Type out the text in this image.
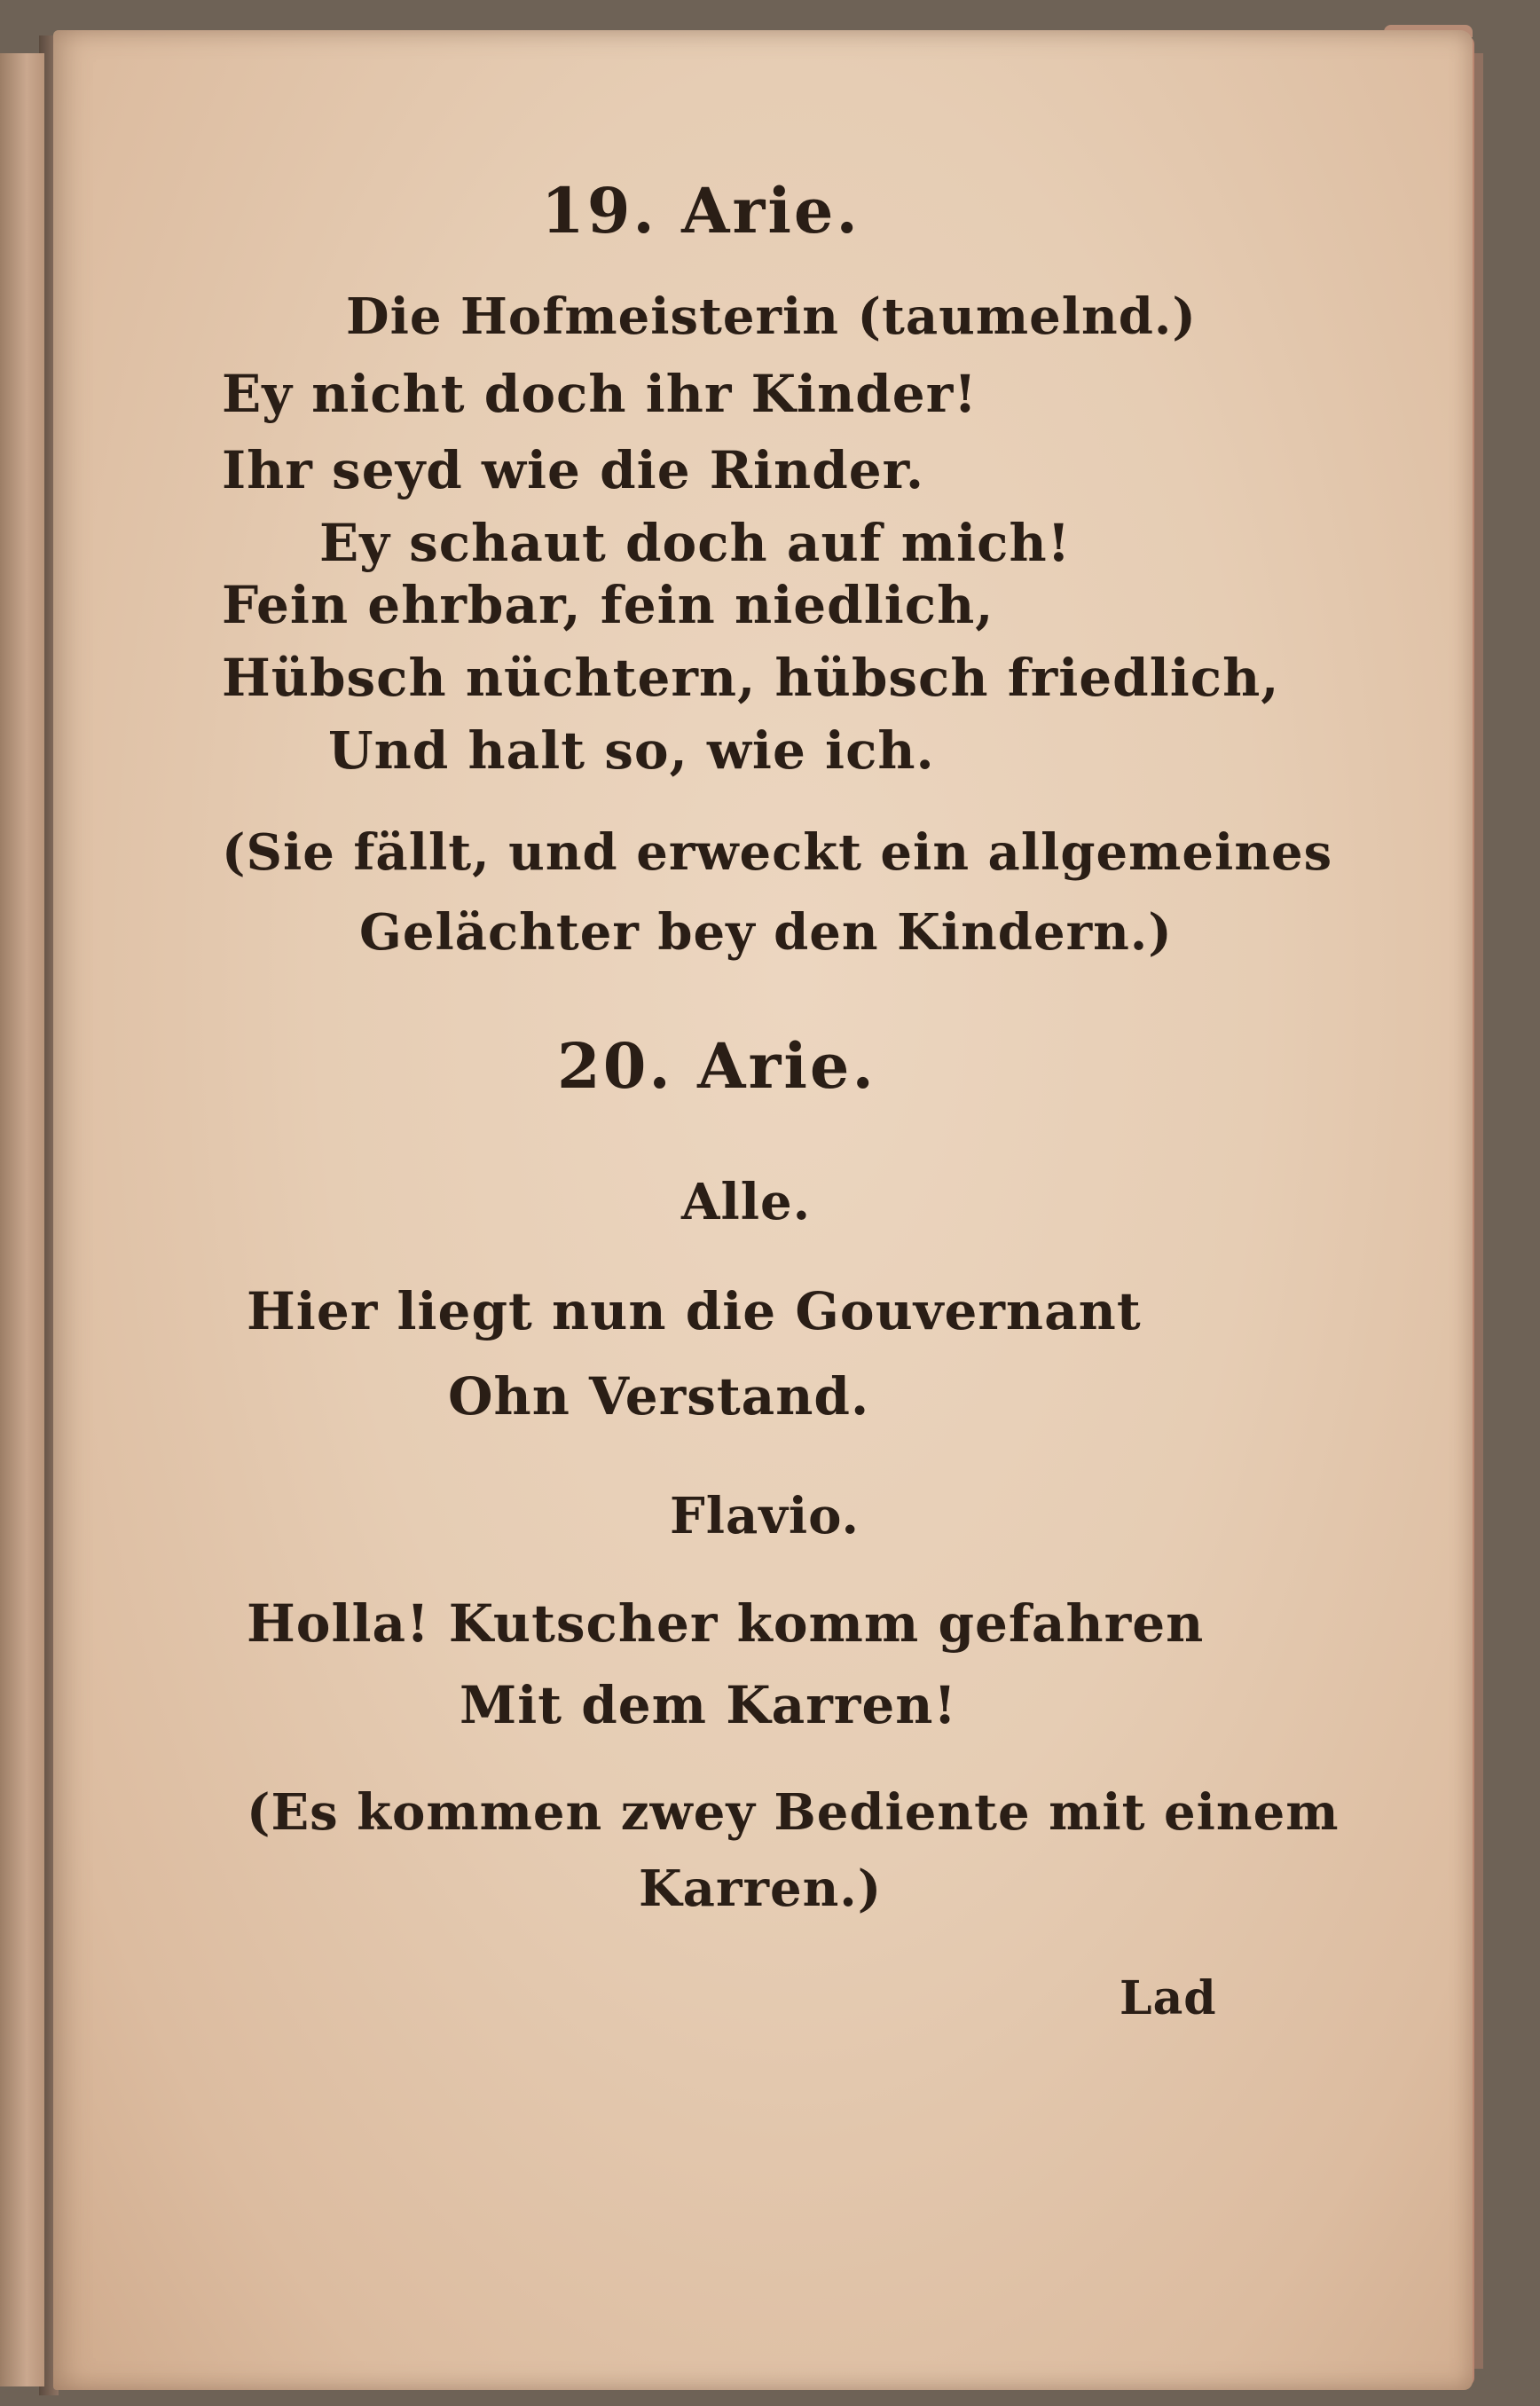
19. Arie.
Die Hofmeisterin (taumelnd.)
Ey nicht doch ihr Kinder!
Ihr seyd wie die Rinder.
Ey schaut doch auf mich!
Fein ehrbar, fein niedlich,
Hübsch nüchtern, hübsch friedlich,
Und halt so, wie ich.
(Sie fällt, und erweckt ein allgemeines
Gelächter bey den Kindern.)
20. Arie.
Alle.
Hier liegt nun die Gouvernant
Ohn Verstand.
Flavio.
Holla! Kutscher komm gefahren
Mit dem Karren!
(Es kommen zwey Bediente mit einem
Karren.)
Lad
